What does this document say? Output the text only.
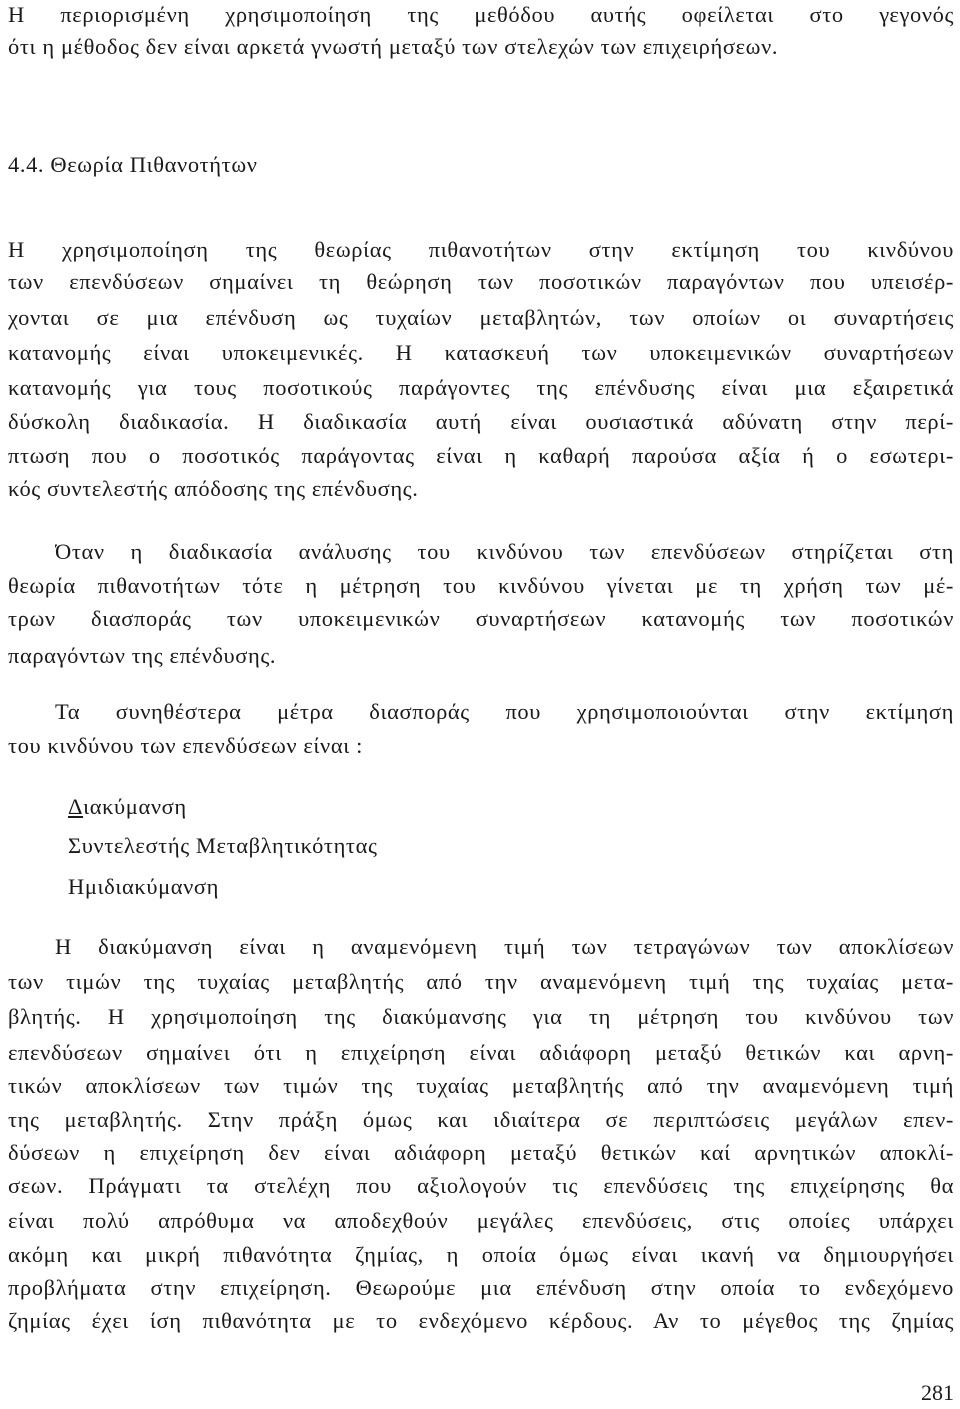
Η περιορισμένη χρησιμοποίηση της μεθόδου αυτής οφείλεται στο γεγονός
ότι η μέθοδος δεν είναι αρκετά γνωστή μεταξύ των στελεχών των επιχειρήσεων.
4.4. Θεωρία Πιθανοτήτων
Η χρησιμοποίηση της θεωρίας πιθανοτήτων στην εκτίμηση του κινδύνου
των επενδύσεων σημαίνει τη θεώρηση των ποσοτικών παραγόντων που υπεισέρ-
χονται σε μια επένδυση ως τυχαίων μεταβλητών, των οποίων οι συναρτήσεις
κατανομής είναι υποκειμενικές. Η κατασκευή των υποκειμενικών συναρτήσεων
κατανομής για τους ποσοτικούς παράγοντες της επένδυσης είναι μια εξαιρετικά
δύσκολη διαδικασία. Η διαδικασία αυτή είναι ουσιαστικά αδύνατη στην περί-
πτωση που ο ποσοτικός παράγοντας είναι η καθαρή παρούσα αξία ή ο εσωτερι-
κός συντελεστής απόδοσης της επένδυσης.
Όταν η διαδικασία ανάλυσης του κινδύνου των επενδύσεων στηρίζεται στη
θεωρία πιθανοτήτων τότε η μέτρηση του κινδύνου γίνεται με τη χρήση των μέ-
τρων διασποράς των υποκειμενικών συναρτήσεων κατανομής των ποσοτικών
παραγόντων της επένδυσης.
Τα συνηθέστερα μέτρα διασποράς που χρησιμοποιούνται στην εκτίμηση
του κινδύνου των επενδύσεων είναι :
Διακύμανση
Συντελεστής Μεταβλητικότητας
Ημιδιακύμανση
Η διακύμανση είναι η αναμενόμενη τιμή των τετραγώνων των αποκλίσεων
των τιμών της τυχαίας μεταβλητής από την αναμενόμενη τιμή της τυχαίας μετα-
βλητής. Η χρησιμοποίηση της διακύμανσης για τη μέτρηση του κινδύνου των
επενδύσεων σημαίνει ότι η επιχείρηση είναι αδιάφορη μεταξύ θετικών και αρνη-
τικών αποκλίσεων των τιμών της τυχαίας μεταβλητής από την αναμενόμενη τιμή
της μεταβλητής. Στην πράξη όμως και ιδιαίτερα σε περιπτώσεις μεγάλων επεν-
δύσεων η επιχείρηση δεν είναι αδιάφορη μεταξύ θετικών καί αρνητικών αποκλί-
σεων. Πράγματι τα στελέχη που αξιολογούν τις επενδύσεις της επιχείρησης θα
είναι πολύ απρόθυμα να αποδεχθούν μεγάλες επενδύσεις, στις οποίες υπάρχει
ακόμη και μικρή πιθανότητα ζημίας, η οποία όμως είναι ικανή να δημιουργήσει
προβλήματα στην επιχείρηση. Θεωρούμε μια επένδυση στην οποία το ενδεχόμενο
ζημίας έχει ίση πιθανότητα με το ενδεχόμενο κέρδους. Αν το μέγεθος της ζημίας
281
